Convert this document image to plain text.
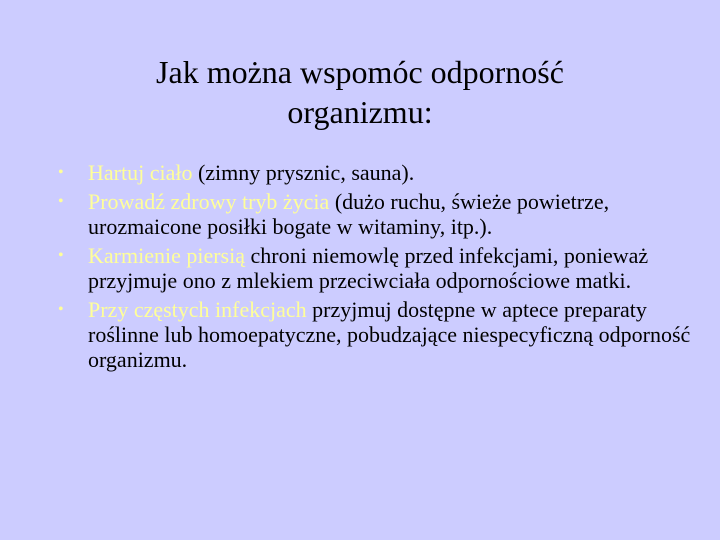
Jak można wspomóc odporność
organizmu:
• Hartuj ciało (zimny prysznic, sauna).
• Prowadź zdrowy tryb życia (dużo ruchu, świeże powietrze, urozmaicone posiłki bogate w witaminy, itp.).
• Karmienie piersią chroni niemowlę przed infekcjami, ponieważ przyjmuje ono z mlekiem przeciwciała odpornościowe matki.
• Przy częstych infekcjach przyjmuj dostępne w aptece preparaty roślinne lub homoepatyczne, pobudzające niespecyficzną odporność organizmu.
